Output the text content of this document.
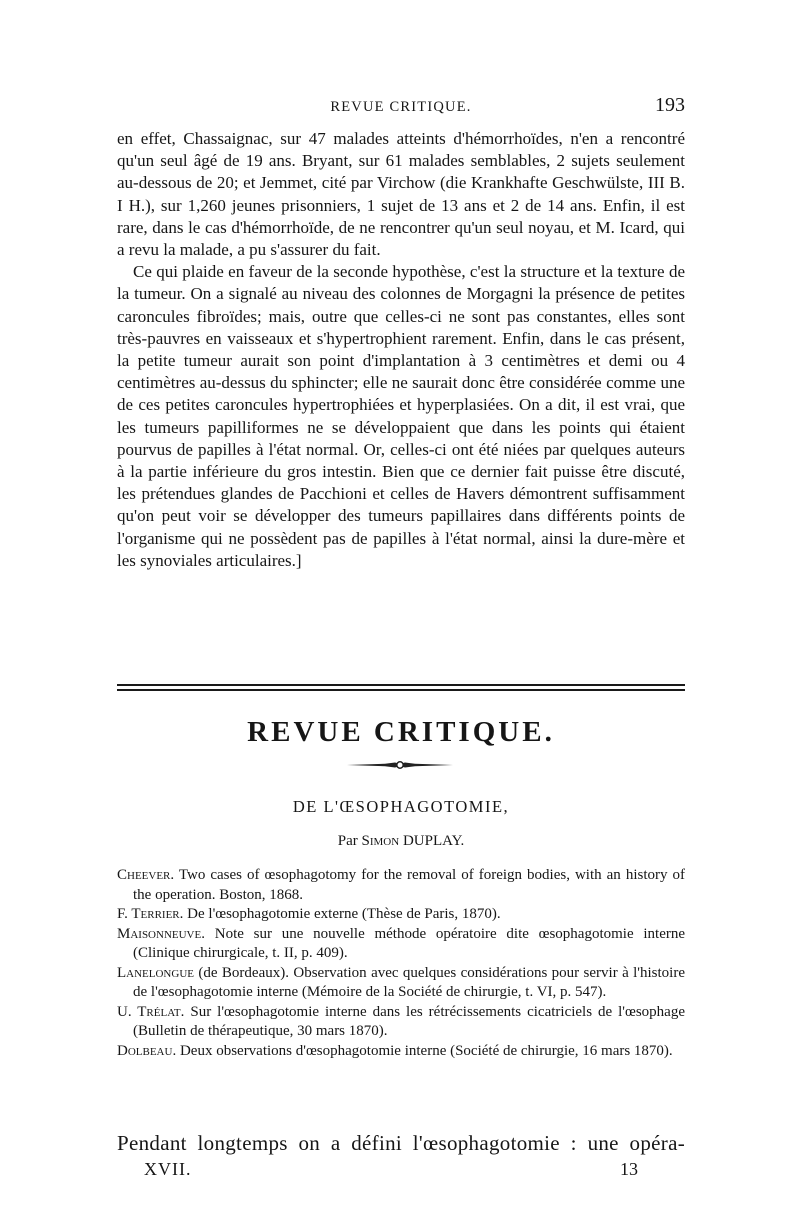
REVUE CRITIQUE.	193

en effet, Chassaignac, sur 47 malades atteints d'hémorrhoïdes, n'en a rencontré qu'un seul âgé de 19 ans. Bryant, sur 61 malades semblables, 2 sujets seulement au-dessous de 20; et Jemmet, cité par Virchow (die Krankhafte Geschwülste, III B. I H.), sur 1,260 jeunes prisonniers, 1 sujet de 13 ans et 2 de 14 ans. Enfin, il est rare, dans le cas d'hémorrhoïde, de ne rencontrer qu'un seul noyau, et M. Icard, qui a revu la malade, a pu s'assurer du fait.

Ce qui plaide en faveur de la seconde hypothèse, c'est la structure et la texture de la tumeur. On a signalé au niveau des colonnes de Morgagni la présence de petites caroncules fibroïdes; mais, outre que celles-ci ne sont pas constantes, elles sont très-pauvres en vaisseaux et s'hypertrophient rarement. Enfin, dans le cas présent, la petite tumeur aurait son point d'implantation à 3 centimètres et demi ou 4 centimètres au-dessus du sphincter; elle ne saurait donc être considérée comme une de ces petites caroncules hypertrophiées et hyperplasiées. On a dit, il est vrai, que les tumeurs papilliformes ne se développaient que dans les points qui étaient pourvus de papilles à l'état normal. Or, celles-ci ont été niées par quelques auteurs à la partie inférieure du gros intestin. Bien que ce dernier fait puisse être discuté, les prétendues glandes de Pacchioni et celles de Havers démontrent suffisamment qu'on peut voir se développer des tumeurs papillaires dans différents points de l'organisme qui ne possèdent pas de papilles à l'état normal, ainsi la dure-mère et les synoviales articulaires.]

REVUE CRITIQUE.
DE L'ŒSOPHAGOTOMIE,
Par Simon DUPLAY.
Cheever. Two cases of œsophagotomy for the removal of foreign bodies, with an history of the operation. Boston, 1868.
F. Terrier. De l'œsophagotomie externe (Thèse de Paris, 1870).
Maisonneuve. Note sur une nouvelle méthode opératoire dite œsophagotomie interne (Clinique chirurgicale, t. II, p. 409).
Lanelongue (de Bordeaux). Observation avec quelques considérations pour servir à l'histoire de l'œsophagotomie interne (Mémoire de la Société de chirurgie, t. VI, p. 547).
U. Trélat. Sur l'œsophagotomie interne dans les rétrécissements cicatriciels de l'œsophage (Bulletin de thérapeutique, 30 mars 1870).
Dolbeau. Deux observations d'œsophagotomie interne (Société de chirurgie, 16 mars 1870).
Pendant longtemps on a défini l'œsophagotomie : une opéra-
XVII.	13
